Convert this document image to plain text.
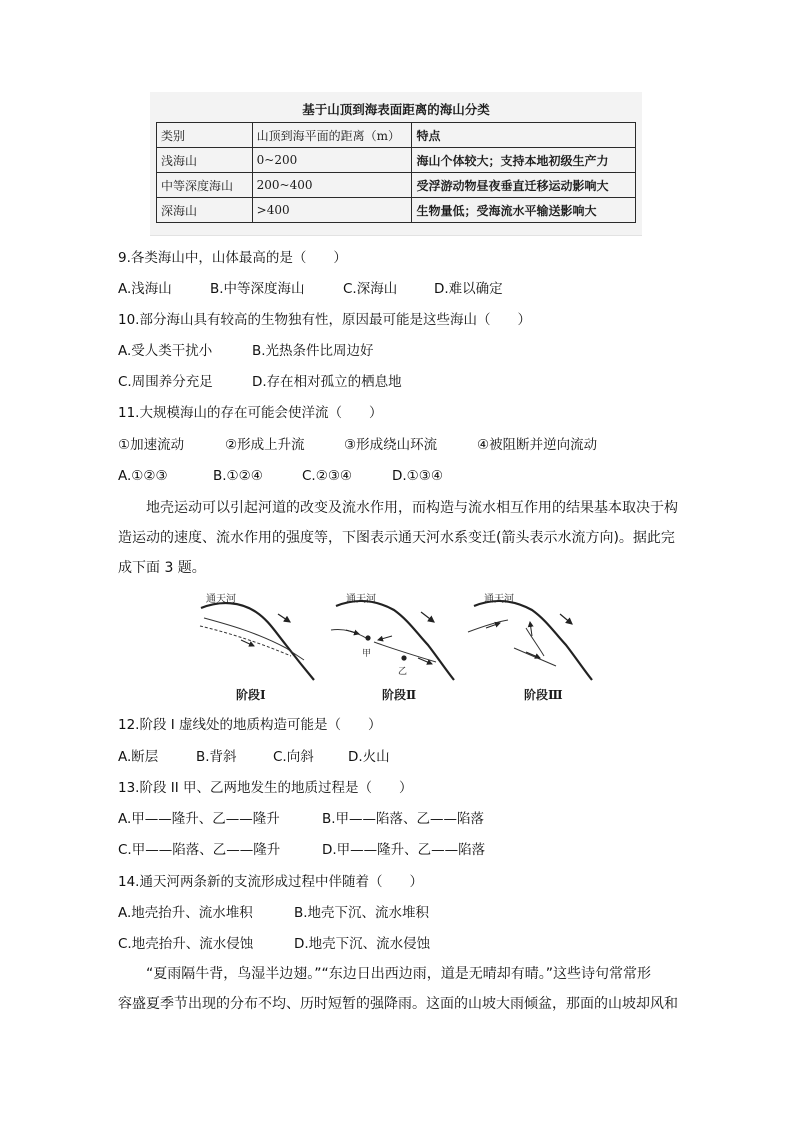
基于山顶到海表面距离的海山分类
类别	山顶到海平面的距离（m）	特点
浅海山	0~200	海山个体较大；支持本地初级生产力
中等深度海山	200~400	受浮游动物昼夜垂直迁移运动影响大
深海山	>400	生物量低；受海流水平输送影响大
9.各类海山中，山体最高的是（　　）
A.浅海山	B.中等深度海山	C.深海山	D.难以确定
10.部分海山具有较高的生物独有性，原因最可能是这些海山（　　）
A.受人类干扰小	B.光热条件比周边好
C.周围养分充足	D.存在相对孤立的栖息地
11.大规模海山的存在可能会使洋流（　　）
①加速流动	②形成上升流	③形成绕山环流	④被阻断并逆向流动
A.①②③	B.①②④	C.②③④	D.①③④
地壳运动可以引起河道的改变及流水作用，而构造与流水相互作用的结果基本取决于构
造运动的速度、流水作用的强度等，下图表示通天河水系变迁(箭头表示水流方向)。据此完
成下面 3 题。
通天河	通天河	通天河
甲
乙
阶段Ⅰ	阶段Ⅱ	阶段Ⅲ
12.阶段 I 虚线处的地质构造可能是（　　）
A.断层	B.背斜	C.向斜	D.火山
13.阶段 II 甲、乙两地发生的地质过程是（　　）
A.甲——隆升、乙——隆升	B.甲——陷落、乙——陷落
C.甲——陷落、乙——隆升	D.甲——隆升、乙——陷落
14.通天河两条新的支流形成过程中伴随着（　　）
A.地壳抬升、流水堆积	B.地壳下沉、流水堆积
C.地壳抬升、流水侵蚀	D.地壳下沉、流水侵蚀
“夏雨隔牛背，鸟湿半边翅。”“东边日出西边雨，道是无晴却有晴。”这些诗句常常形
容盛夏季节出现的分布不均、历时短暂的强降雨。这面的山坡大雨倾盆，那面的山坡却风和
